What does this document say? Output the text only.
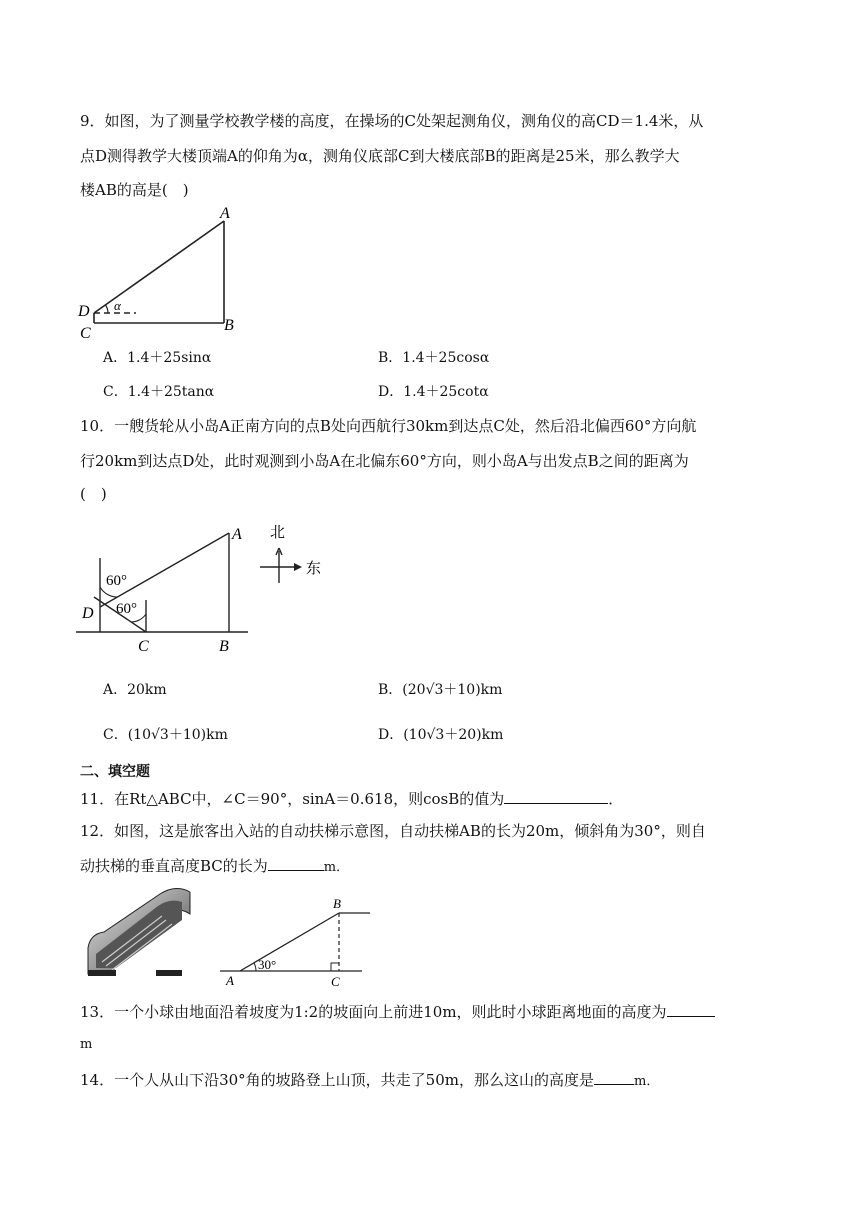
9．如图，为了测量学校教学楼的高度，在操场的C处架起测角仪，测角仪的高CD＝1.4米，从
点D测得教学大楼顶端A的仰角为α，测角仪底部C到大楼底部B的距离是25米，那么教学大
楼AB的高是(　)
A
B
C
D α
A．1.4＋25sinα	B．1.4＋25cosα
C．1.4＋25tanα	D．1.4＋25cotα
10．一艘货轮从小岛A正南方向的点B处向西航行30km到达点C处，然后沿北偏西60°方向航
行20km到达点D处，此时观测到小岛A在北偏东60°方向，则小岛A与出发点B之间的距离为
(　)
60°
60°
A
B
C
D
北
东
A．20km	B．(20√3＋10)km
C．(10√3＋10)km	D．(10√3＋20)km
二、填空题
11．在Rt△ABC中，∠C＝90°，sinA＝0.618，则cosB的值为	．
12．如图，这是旅客出入站的自动扶梯示意图，自动扶梯AB的长为20m，倾斜角为30°，则自
动扶梯的垂直高度BC的长为	m．
30°
A
B
C
13．一个小球由地面沿着坡度为1:2的坡面向上前进10m，则此时小球距离地面的高度为
m
14．一个人从山下沿30°角的坡路登上山顶，共走了50m，那么这山的高度是	m．
